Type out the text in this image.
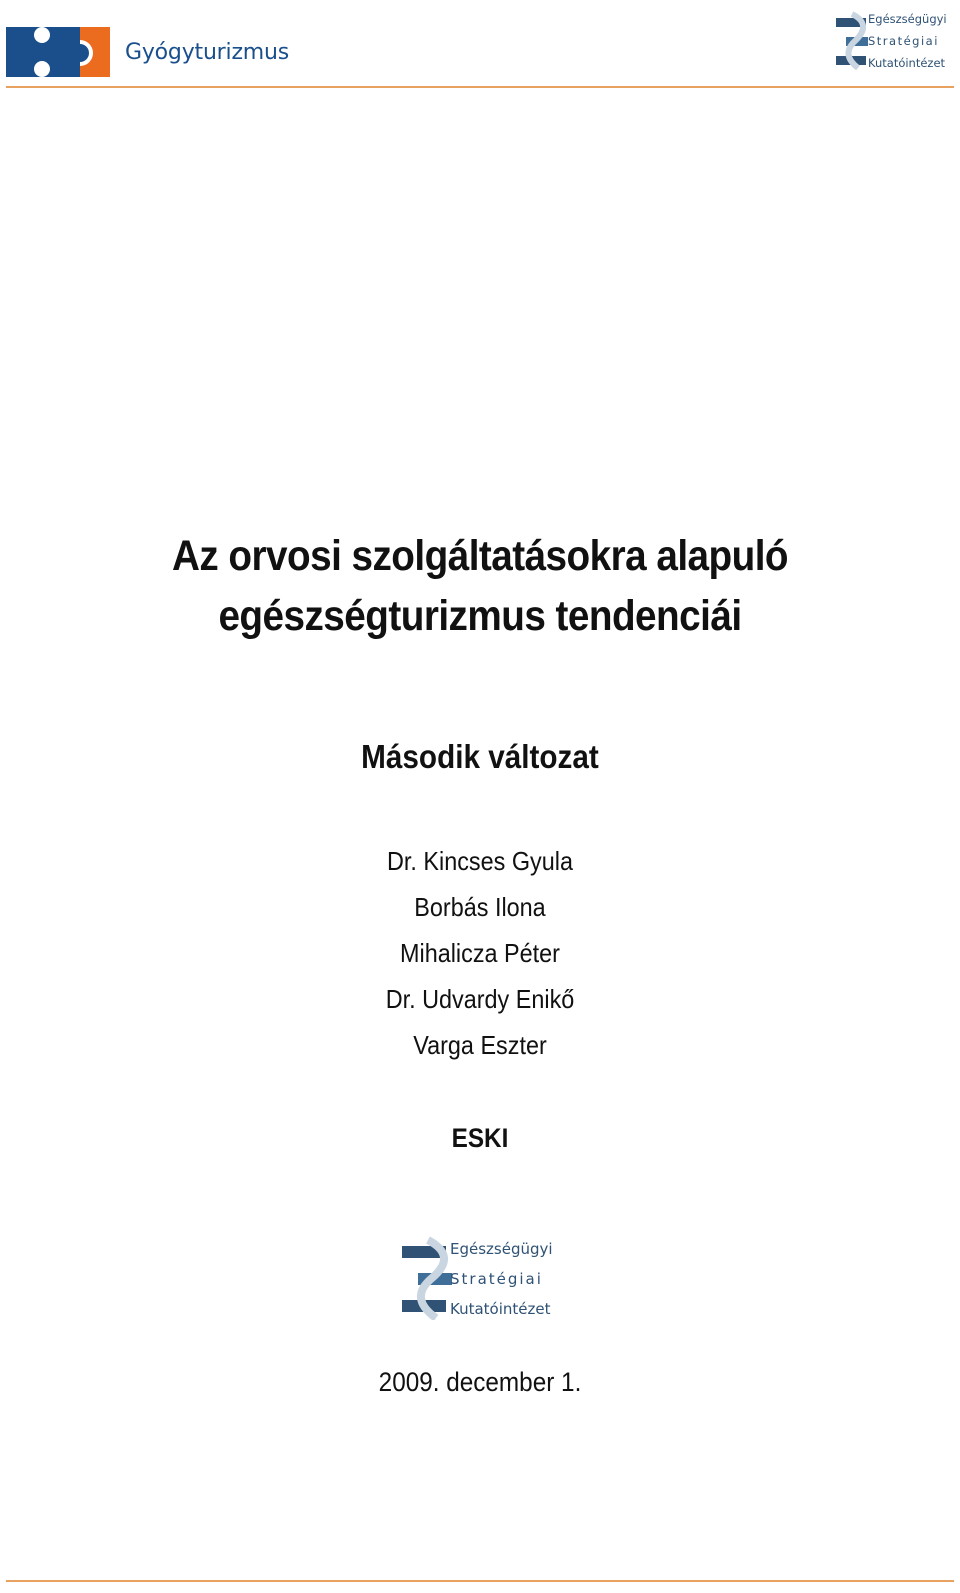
Gyógyturizmus
Egészségügyi
Stratégiai
Kutatóintézet
Az orvosi szolgáltatásokra alapuló
egészségturizmus tendenciái
Második változat
Dr. Kincses Gyula
Borbás Ilona
Mihalicza Péter
Dr. Udvardy Enikő
Varga Eszter
ESKI
Egészségügyi
Stratégiai
Kutatóintézet
2009. december 1.
